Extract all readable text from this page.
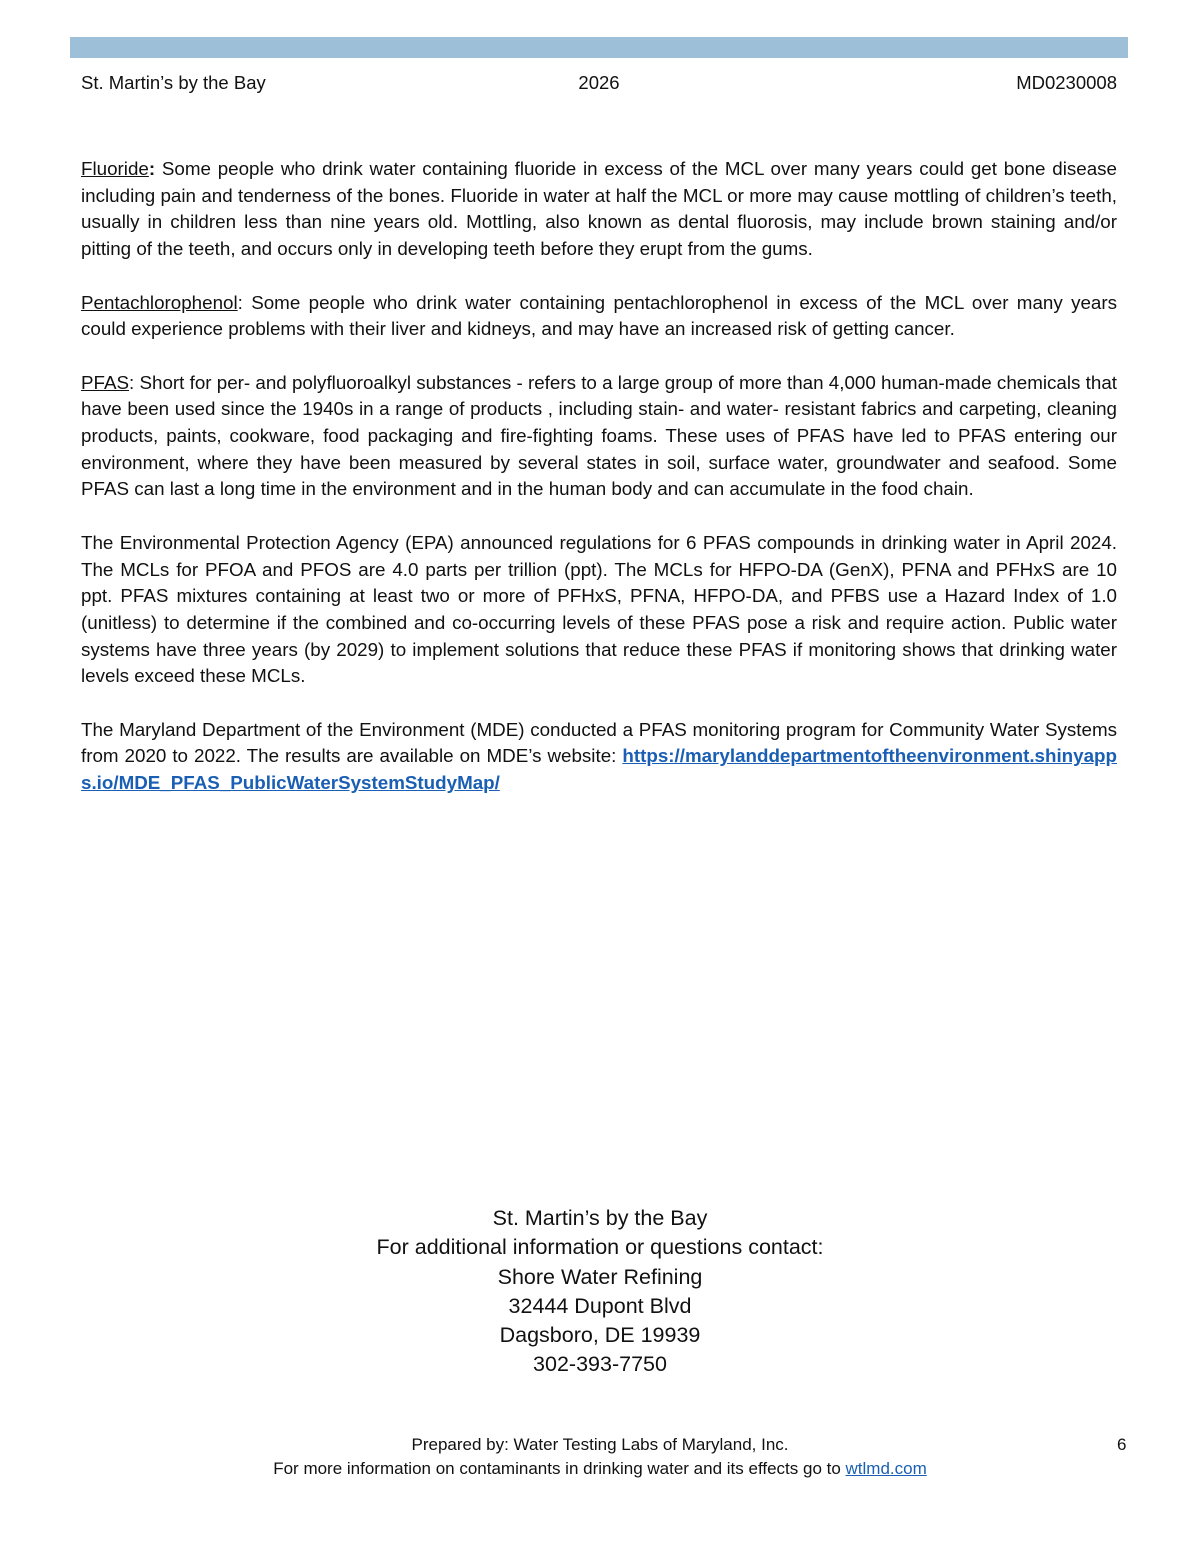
St. Martin’s by the Bay	2026	MD0230008

Fluoride: Some people who drink water containing fluoride in excess of the MCL over many years could get bone disease including pain and tenderness of the bones. Fluoride in water at half the MCL or more may cause mottling of children’s teeth, usually in children less than nine years old. Mottling, also known as dental fluorosis, may include brown staining and/or pitting of the teeth, and occurs only in developing teeth before they erupt from the gums.

Pentachlorophenol: Some people who drink water containing pentachlorophenol in excess of the MCL over many years could experience problems with their liver and kidneys, and may have an increased risk of getting cancer.

PFAS: Short for per- and polyfluoroalkyl substances - refers to a large group of more than 4,000 human-made chemicals that have been used since the 1940s in a range of products , including stain- and water- resistant fabrics and carpeting, cleaning products, paints, cookware, food packaging and fire-fighting foams. These uses of PFAS have led to PFAS entering our environment, where they have been measured by several states in soil, surface water, groundwater and seafood. Some PFAS can last a long time in the environment and in the human body and can accumulate in the food chain.

The Environmental Protection Agency (EPA) announced regulations for 6 PFAS compounds in drinking water in April 2024. The MCLs for PFOA and PFOS are 4.0 parts per trillion (ppt). The MCLs for HFPO-DA (GenX), PFNA and PFHxS are 10 ppt. PFAS mixtures containing at least two or more of PFHxS, PFNA, HFPO-DA, and PFBS use a Hazard Index of 1.0 (unitless) to determine if the combined and co-occurring levels of these PFAS pose a risk and require action. Public water systems have three years (by 2029) to implement solutions that reduce these PFAS if monitoring shows that drinking water levels exceed these MCLs.

The Maryland Department of the Environment (MDE) conducted a PFAS monitoring program for Community Water Systems from 2020 to 2022. The results are available on MDE’s website: https://marylanddepartmentoftheenvironment.shinyapps.io/MDE_PFAS_PublicWaterSystemStudyMap/

St. Martin’s by the Bay
For additional information or questions contact:
Shore Water Refining
32444 Dupont Blvd
Dagsboro, DE 19939
302-393-7750
Prepared by: Water Testing Labs of Maryland, Inc.
For more information on contaminants in drinking water and its effects go to wtlmd.com
6
